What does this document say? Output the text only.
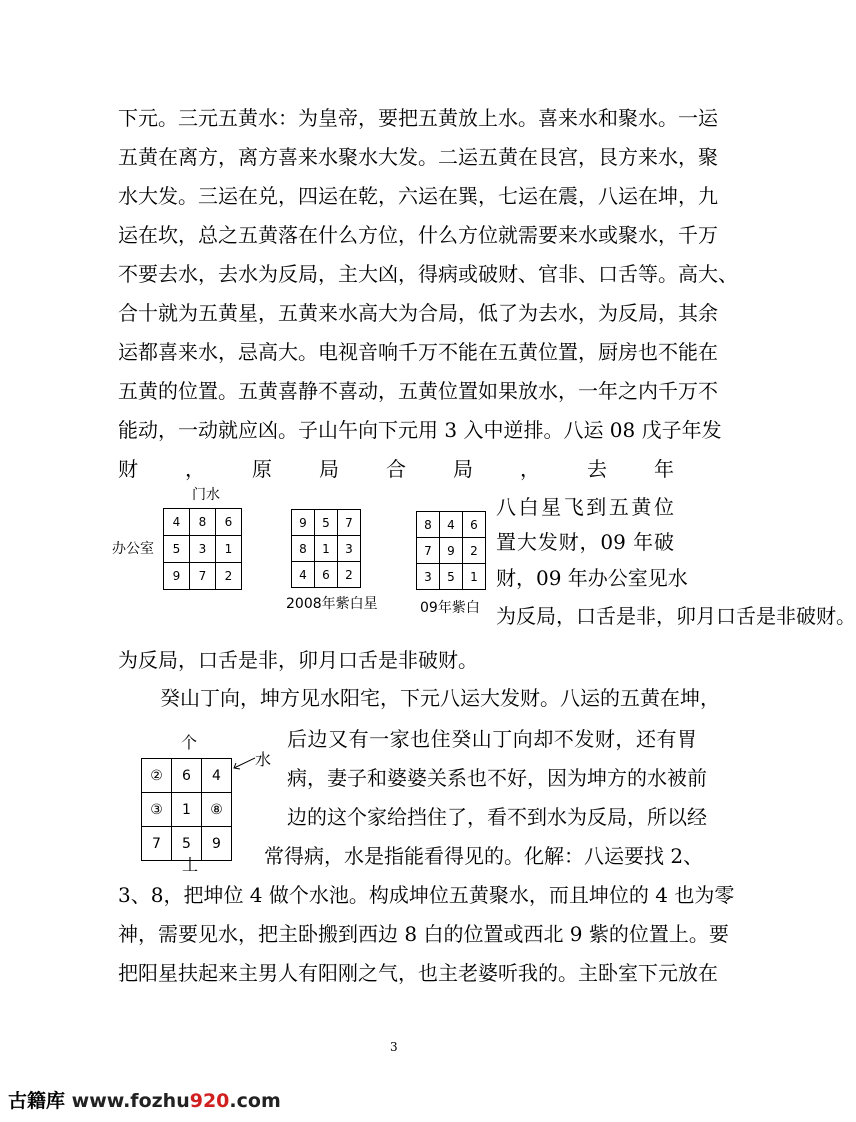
下元。三元五黄水：为皇帝，要把五黄放上水。喜来水和聚水。一运
五黄在离方，离方喜来水聚水大发。二运五黄在艮宫，艮方来水，聚
水大发。三运在兑，四运在乾，六运在巽，七运在震，八运在坤，九
运在坎，总之五黄落在什么方位，什么方位就需要来水或聚水，千万
不要去水，去水为反局，主大凶，得病或破财、官非、口舌等。高大、
合十就为五黄星，五黄来水高大为合局，低了为去水，为反局，其余
运都喜来水，忌高大。电视音响千万不能在五黄位置，厨房也不能在
五黄的位置。五黄喜静不喜动，五黄位置如果放水，一年之内千万不
能动，一动就应凶。子山午向下元用 3 入中逆排。八运 08 戊子年发
财，原局合局，去年
八白星飞到五黄位
置大发财，09 年破
财，09 年办公室见水
为反局，口舌是非，卯月口舌是非破财。
为反局，口舌是非，卯月口舌是非破财。
癸山丁向，坤方见水阳宅，下元八运大发财。八运的五黄在坤，
后边又有一家也住癸山丁向却不发财，还有胃
病，妻子和婆婆关系也不好，因为坤方的水被前
边的这个家给挡住了，看不到水为反局，所以经
常得病，水是指能看得见的。化解：八运要找 2、
3、8，把坤位 4 做个水池。构成坤位五黄聚水，而且坤位的 4 也为零
神，需要见水，把主卧搬到西边 8 白的位置或西北 9 紫的位置上。要
把阳星扶起来主男人有阳刚之气，也主老婆听我的。主卧室下元放在
门水
办公室
4	8	6
5	3	1
9	7	2
9	5	7
8	1	3
4	6	2
2008年紫白星
8	4	6
7	9	2
3	5	1
09年紫白
个
水
②	6	4
③	1	⑧
7	5	9
丄
3
古籍库 www.fozhu920.com
